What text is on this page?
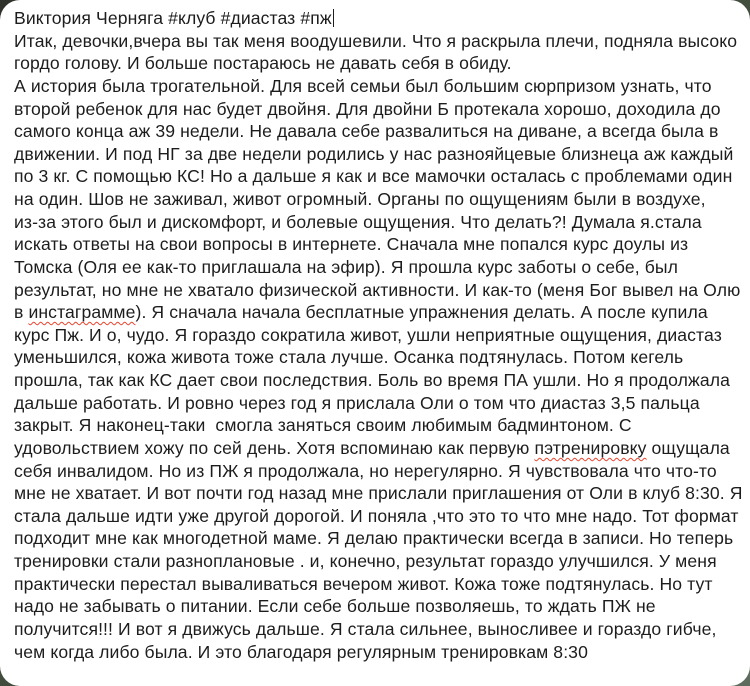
Виктория Черняга #клуб #диастаз #пж
Итак, девочки,вчера вы так меня воодушевили. Что я раскрыла плечи, подняла высоко
гордо голову. И больше постараюсь не давать себя в обиду.
А история была трогательной. Для всей семьи был большим сюрпризом узнать, что
второй ребенок для нас будет двойня. Для двойни Б протекала хорошо, доходила до
самого конца аж 39 недели. Не давала себе развалиться на диване, а всегда была в
движении. И под НГ за две недели родились у нас разнояйцевые близнеца аж каждый
по 3 кг. С помощью КС! Но а дальше я как и все мамочки осталась с проблемами один
на один. Шов не заживал, живот огромный. Органы по ощущениям были в воздухе,
из-за этого был и дискомфорт, и болевые ощущения. Что делать?! Думала я.стала
искать ответы на свои вопросы в интернете. Сначала мне попался курс доулы из
Томска (Оля ее как-то приглашала на эфир). Я прошла курс заботы о себе, был
результат, но мне не хватало физической активности. И как-то (меня Бог вывел на Олю
в инстаграмме). Я сначала начала бесплатные упражнения делать. А после купила
курс Пж. И о, чудо. Я гораздо сократила живот, ушли неприятные ощущения, диастаз
уменьшился, кожа живота тоже стала лучше. Осанка подтянулась. Потом кегель
прошла, так как КС дает свои последствия. Боль во время ПА ушли. Но я продолжала
дальше работать. И ровно через год я прислала Оли о том что диастаз 3,5 пальца
закрыт. Я наконец-таки  смогла заняться своим любимым бадминтоном. С
удовольствием хожу по сей день. Хотя вспоминаю как первую пэтренировку ощущала
себя инвалидом. Но из ПЖ я продолжала, но нерегулярно. Я чувствовала что что-то
мне не хватает. И вот почти год назад мне прислали приглашения от Оли в клуб 8:30. Я
стала дальше идти уже другой дорогой. И поняла ,что это то что мне надо. Тот формат
подходит мне как многодетной маме. Я делаю практически всегда в записи. Но теперь
тренировки стали разноплановые . и, конечно, результат гораздо улучшился. У меня
практически перестал вываливаться вечером живот. Кожа тоже подтянулась. Но тут
надо не забывать о питании. Если себе больше позволяешь, то ждать ПЖ не
получится!!! И вот я движусь дальше. Я стала сильнее, выносливее и гораздо гибче,
чем когда либо была. И это благодаря регулярным тренировкам 8:30
